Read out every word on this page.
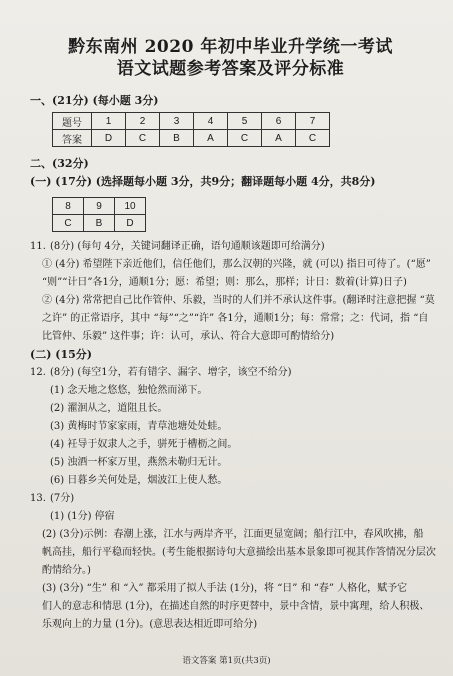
黔东南州 2020 年初中毕业升学统一考试
语文试题参考答案及评分标准
一、(21分) (每小题 3分)
题号	1	2	3	4	5	6	7
答案	D	C	B	A	C	A	C
二、(32分)
(一) (17分) (选择题每小题 3分，共9分；翻译题每小题 4分，共8分)
8	9	10
C	B	D
11. (8分) (每句 4分，关键词翻译正确，语句通顺该题即可给满分)
① (4分) 希望陛下亲近他们，信任他们，那么汉朝的兴隆，就 (可以) 指日可待了。(“愿”
“则”“计日”各1分，通顺1分；愿：希望；则：那么，那样；计日：数着(计算)日子)
② (4分) 常常把自己比作管仲、乐毅，当时的人们并不承认这件事。(翻译时注意把握 “莫
之许” 的正常语序，其中 “每”“之”“许” 各1分，通顺1分；每：常常；之：代词，指 “自
比管仲、乐毅” 这件事；许：认可，承认、符合大意即可酌情给分)
(二) (15分)
12. (8分) (每空1分，若有错字、漏字、增字，该空不给分)
(1) 念天地之悠悠，独怆然而涕下。
(2) 濯洄从之，道阻且长。
(3) 黄梅时节家家雨，青草池塘处处蛙。
(4) 衽导于奴隶人之手，骈死于槽枥之间。
(5) 浊酒一杯家万里，燕然未勒归无计。
(6) 日暮乡关何处是，烟波江上使人愁。
13. (7分)
(1) (1分) 停宿
(2) (3分)示例：春潮上涨，江水与两岸齐平，江面更显宽阔；船行江中，春风吹拂，船
帆高挂，船行平稳而轻快。(考生能根据诗句大意描绘出基本景象即可视其作答情况分层次
酌情给分。)
(3) (3分) “生” 和 “入” 都采用了拟人手法 (1分)，将 “日” 和 “春” 人格化，赋予它
们人的意志和情思 (1分)，在描述自然的时序更替中，景中含情，景中寓理，给人积极、
乐观向上的力量 (1分)。(意思表达相近即可给分)
语文答案 第1页(共3页)
